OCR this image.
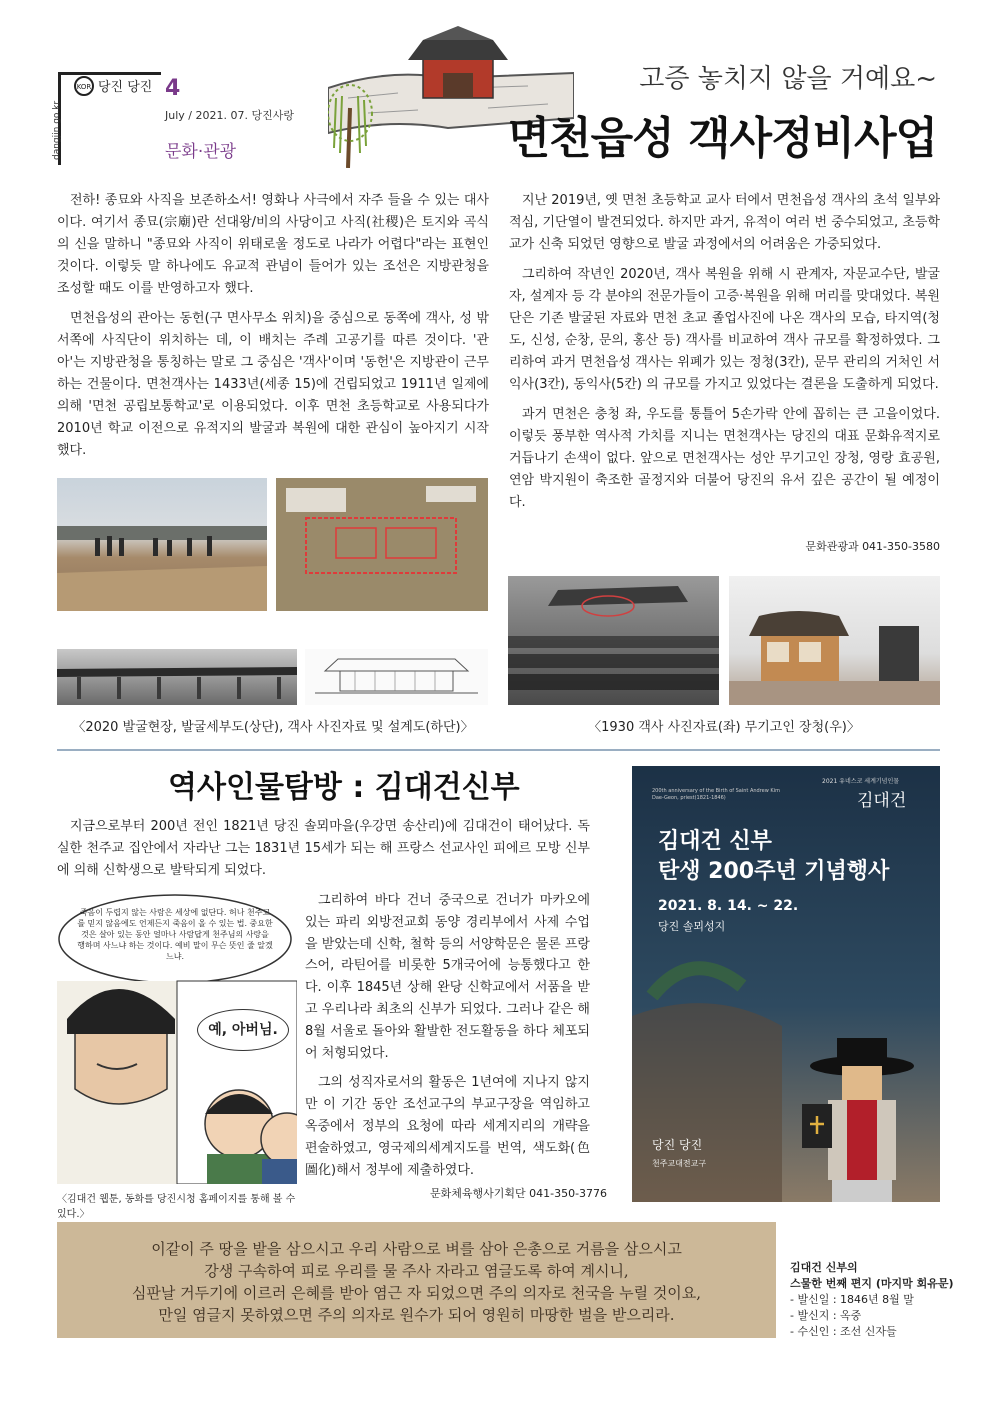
dangjin.go.kr
KOR 당진 당진 4
July / 2021. 07. 당진사랑
문화·관광
고증 놓치지 않을 거예요~
면천읍성 객사정비사업

전하! 종묘와 사직을 보존하소서! 영화나 사극에서 자주 들을 수 있는 대사이다. 여기서 종묘(宗廟)란 선대왕/비의 사당이고 사직(社稷)은 토지와 곡식의 신을 말하니 "종묘와 사직이 위태로울 정도로 나라가 어렵다"라는 표현인 것이다. 이렇듯 말 하나에도 유교적 관념이 들어가 있는 조선은 지방관청을 조성할 때도 이를 반영하고자 했다.

면천읍성의 관아는 동헌(구 면사무소 위치)을 중심으로 동쪽에 객사, 성 밖 서쪽에 사직단이 위치하는 데, 이 배치는 주례 고공기를 따른 것이다. '관아'는 지방관청을 통칭하는 말로 그 중심은 '객사'이며 '동헌'은 지방관이 근무하는 건물이다. 면천객사는 1433년(세종 15)에 건립되었고 1911년 일제에 의해 '면천 공립보통학교'로 이용되었다. 이후 면천 초등학교로 사용되다가 2010년 학교 이전으로 유적지의 발굴과 복원에 대한 관심이 높아지기 시작했다.

지난 2019년, 옛 면천 초등학교 교사 터에서 면천읍성 객사의 초석 일부와 적심, 기단열이 발견되었다. 하지만 과거, 유적이 여러 번 중수되었고, 초등학교가 신축 되었던 영향으로 발굴 과정에서의 어려움은 가중되었다.

그리하여 작년인 2020년, 객사 복원을 위해 시 관계자, 자문교수단, 발굴자, 설계자 등 각 분야의 전문가들이 고증·복원을 위해 머리를 맞대었다. 복원단은 기존 발굴된 자료와 면천 초교 졸업사진에 나온 객사의 모습, 타지역(청도, 신성, 순창, 문의, 홍산 등) 객사를 비교하여 객사 규모를 확정하였다. 그리하여 과거 면천읍성 객사는 위폐가 있는 정청(3칸), 문무 관리의 거처인 서익사(3칸), 동익사(5칸) 의 규모를 가지고 있었다는 결론을 도출하게 되었다.

과거 면천은 충청 좌, 우도를 통틀어 5손가락 안에 꼽히는 큰 고을이었다. 이렇듯 풍부한 역사적 가치를 지니는 면천객사는 당진의 대표 문화유적지로 거듭나기 손색이 없다. 앞으로 면천객사는 성안 무기고인 장청, 영랑 효공원, 연암 박지원이 축조한 골정지와 더불어 당진의 유서 깊은 공간이 될 예정이다.

문화관광과 041-350-3580
〈2020 발굴현장, 발굴세부도(상단), 객사 사진자료 및 설계도(하단)〉	〈1930 객사 사진자료(좌) 무기고인 장청(우)〉
역사인물탐방 : 김대건신부

지금으로부터 200년 전인 1821년 당진 솔뫼마을(우강면 송산리)에 김대건이 태어났다. 독실한 천주교 집안에서 자라난 그는 1831년 15세가 되는 해 프랑스 선교사인 피에르 모방 신부에 의해 신학생으로 발탁되게 되었다.

죽음이 두렵지 않는 사람은 세상에 없단다. 허나 천주교를 믿지 않음에도 언제든지 죽음이 올 수 있는 법. 중요한 것은 살아 있는 동안 얼마나 사람답게 천주님의 사랑을 행하며 사느냐 하는 것이다. 예비 말이 무슨 뜻인 줄 알겠느냐.
예, 아버님.
〈김대건 웹툰, 동화를 당진시청 홈페이지를 통해 볼 수 있다.〉

그리하여 바다 건너 중국으로 건너가 마카오에 있는 파리 외방전교회 동양 경리부에서 사제 수업을 받았는데 신학, 철학 등의 서양학문은 물론 프랑스어, 라틴어를 비롯한 5개국어에 능통했다고 한다. 이후 1845년 상해 완당 신학교에서 서품을 받고 우리나라 최초의 신부가 되었다. 그러나 같은 해 8월 서울로 돌아와 활발한 전도활동을 하다 체포되어 처형되었다.

그의 성직자로서의 활동은 1년여에 지나지 않지만 이 기간 동안 조선교구의 부교구장을 역임하고 옥중에서 정부의 요청에 따라 세계지리의 개략을 편술하였고, 영국제의세계지도를 번역, 색도화(色圖化)해서 정부에 제출하였다.

문화체육행사기획단 041-350-3776
2021 유네스코 세계기념인물
김대건
200th anniversary of the Birth of Saint Andrew Kim Dae-Geon, priest(1821-1846)
김대건 신부
탄생 200주년 기념행사
2021. 8. 14. ~ 22.
당진 솔뫼성지
당진 당진
천주교대전교구
이같이 주 땅을 밭을 삼으시고 우리 사람으로 벼를 삼아 은총으로 거름을 삼으시고
강생 구속하여 피로 우리를 물 주사 자라고 염글도록 하여 계시니,
심판날 거두기에 이르러 은혜를 받아 염근 자 되었으면 주의 의자로 천국을 누릴 것이요,
만일 염글지 못하였으면 주의 의자로 원수가 되어 영원히 마땅한 벌을 받으리라.
김대건 신부의
스물한 번째 편지 (마지막 회유문)
- 발신일 : 1846년 8월 말
- 발신지 : 옥중
- 수신인 : 조선 신자들
